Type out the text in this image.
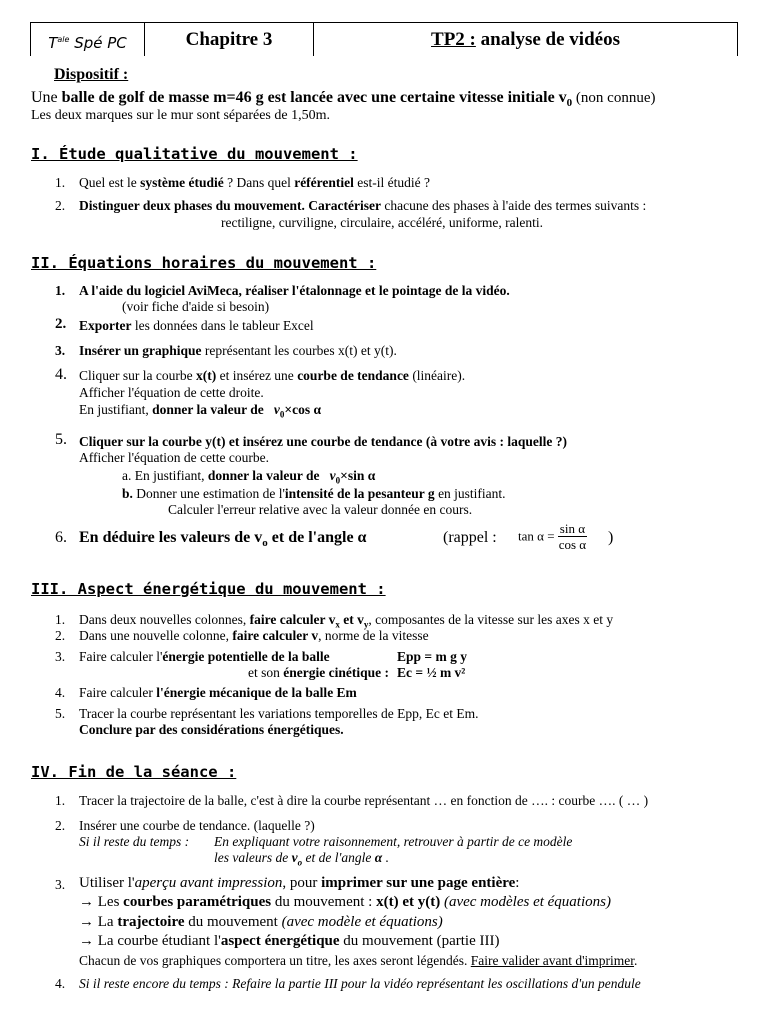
$T^{ale}$ Spé PC	Chapitre 3	TP2 : analyse de vidéos
Dispositif :
Une balle de golf de masse m=46 g est lancée avec une certaine vitesse initiale $v_0$ (non connue)
Les deux marques sur le mur sont séparées de 1,50m.
I. Étude qualitative du mouvement :
1. Quel est le système étudié ? Dans quel référentiel est-il étudié ?
2. Distinguer deux phases du mouvement. Caractériser chacune des phases à l'aide des termes suivants :
rectiligne, curviligne, circulaire, accéléré, uniforme, ralenti.
II. Équations horaires du mouvement :
1. A l'aide du logiciel AviMeca, réaliser l'étalonnage et le pointage de la vidéo.
(voir fiche d'aide si besoin)
2. Exporter les données dans le tableur Excel
3. Insérer un graphique représentant les courbes x(t) et y(t).
4. Cliquer sur la courbe x(t) et insérez une courbe de tendance (linéaire).
Afficher l'équation de cette droite.
En justifiant, donner la valeur de $v_0\times\cos$ α
5. Cliquer sur la courbe y(t) et insérez une courbe de tendance (à votre avis : laquelle ?)
Afficher l'équation de cette courbe.
a. En justifiant, donner la valeur de $v_0\times\sin$ α
b. Donner une estimation de l'intensité de la pesanteur g en justifiant.
Calculer l'erreur relative avec la valeur donnée en cours.
6. En déduire les valeurs de $v_o$ et de l'angle α	(rappel : $\tan \alpha = \frac{\text{sin α}}{\text{cos α}}$ )
III. Aspect énergétique du mouvement :
1. Dans deux nouvelles colonnes, faire calculer $v_x$ et $v_y$, composantes de la vitesse sur les axes x et y
2. Dans une nouvelle colonne, faire calculer v, norme de la vitesse
3. Faire calculer l'énergie potentielle de la balle	Epp = m g y
et son énergie cinétique : Ec = ½ m v²
4. Faire calculer l'énergie mécanique de la balle Em
5. Tracer la courbe représentant les variations temporelles de Epp, Ec et Em.
Conclure par des considérations énergétiques.
IV. Fin de la séance :
1. Tracer la trajectoire de la balle, c'est à dire la courbe représentant … en fonction de …. : courbe …. ( … )
2. Insérer une courbe de tendance. (laquelle ?)
Si il reste du temps : En expliquant votre raisonnement, retrouver à partir de ce modèle
les valeurs de $v_o$ et de l'angle α .
3. Utiliser l'aperçu avant impression, pour imprimer sur une page entière:
→ Les courbes paramétriques du mouvement : x(t) et y(t) (avec modèles et équations)
→ La trajectoire du mouvement (avec modèle et équations)
→ La courbe étudiant l'aspect énergétique du mouvement (partie III)
Chacun de vos graphiques comportera un titre, les axes seront légendés. Faire valider avant d'imprimer.
4. Si il reste encore du temps : Refaire la partie III pour la vidéo représentant les oscillations d'un pendule
